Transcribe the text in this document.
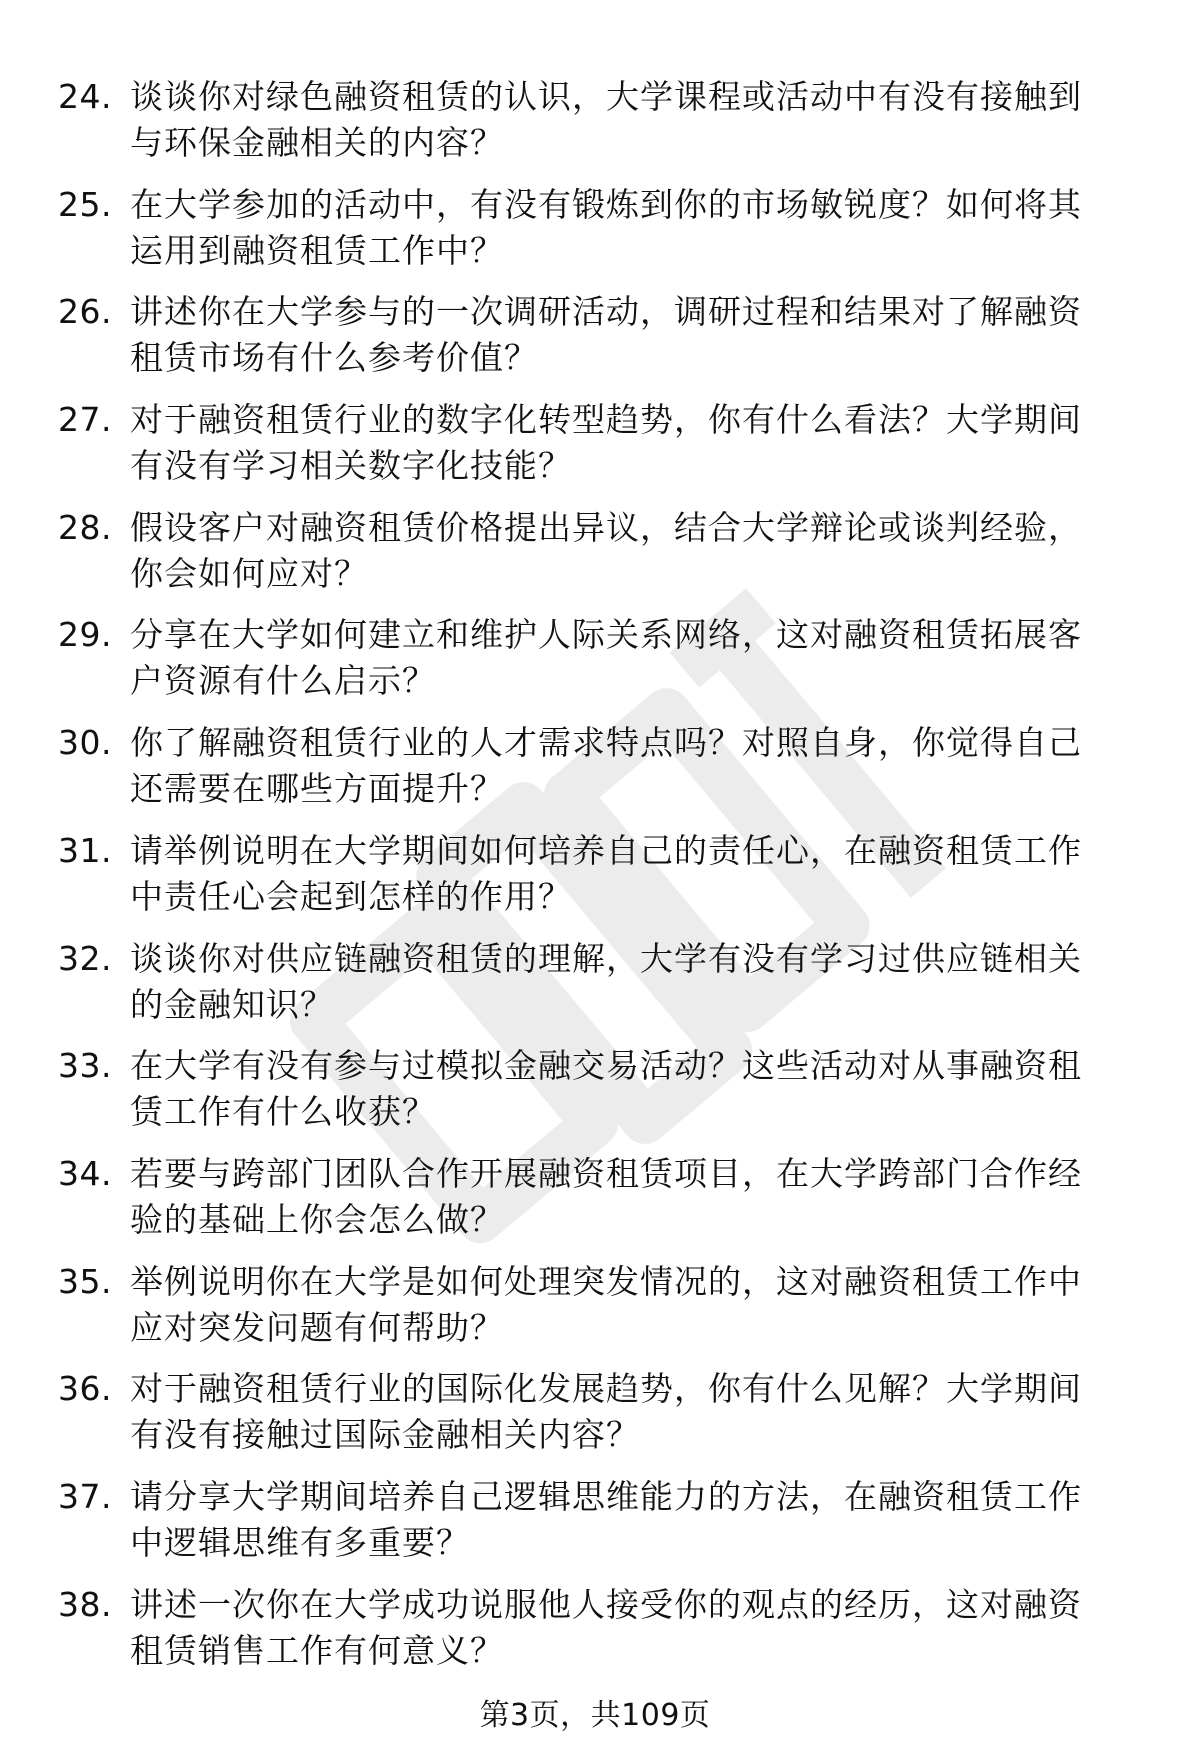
24. 谈谈你对绿色融资租赁的认识，大学课程或活动中有没有接触到
与环保金融相关的内容？
25. 在大学参加的活动中，有没有锻炼到你的市场敏锐度？如何将其
运用到融资租赁工作中？
26. 讲述你在大学参与的一次调研活动，调研过程和结果对了解融资
租赁市场有什么参考价值？
27. 对于融资租赁行业的数字化转型趋势，你有什么看法？大学期间
有没有学习相关数字化技能？
28. 假设客户对融资租赁价格提出异议，结合大学辩论或谈判经验，
你会如何应对？
29. 分享在大学如何建立和维护人际关系网络，这对融资租赁拓展客
户资源有什么启示？
30. 你了解融资租赁行业的人才需求特点吗？对照自身，你觉得自己
还需要在哪些方面提升？
31. 请举例说明在大学期间如何培养自己的责任心，在融资租赁工作
中责任心会起到怎样的作用？
32. 谈谈你对供应链融资租赁的理解，大学有没有学习过供应链相关
的金融知识？
33. 在大学有没有参与过模拟金融交易活动？这些活动对从事融资租
赁工作有什么收获？
34. 若要与跨部门团队合作开展融资租赁项目，在大学跨部门合作经
验的基础上你会怎么做？
35. 举例说明你在大学是如何处理突发情况的，这对融资租赁工作中
应对突发问题有何帮助？
36. 对于融资租赁行业的国际化发展趋势，你有什么见解？大学期间
有没有接触过国际金融相关内容？
37. 请分享大学期间培养自己逻辑思维能力的方法，在融资租赁工作
中逻辑思维有多重要？
38. 讲述一次你在大学成功说服他人接受你的观点的经历，这对融资
租赁销售工作有何意义？
第3页，共109页
